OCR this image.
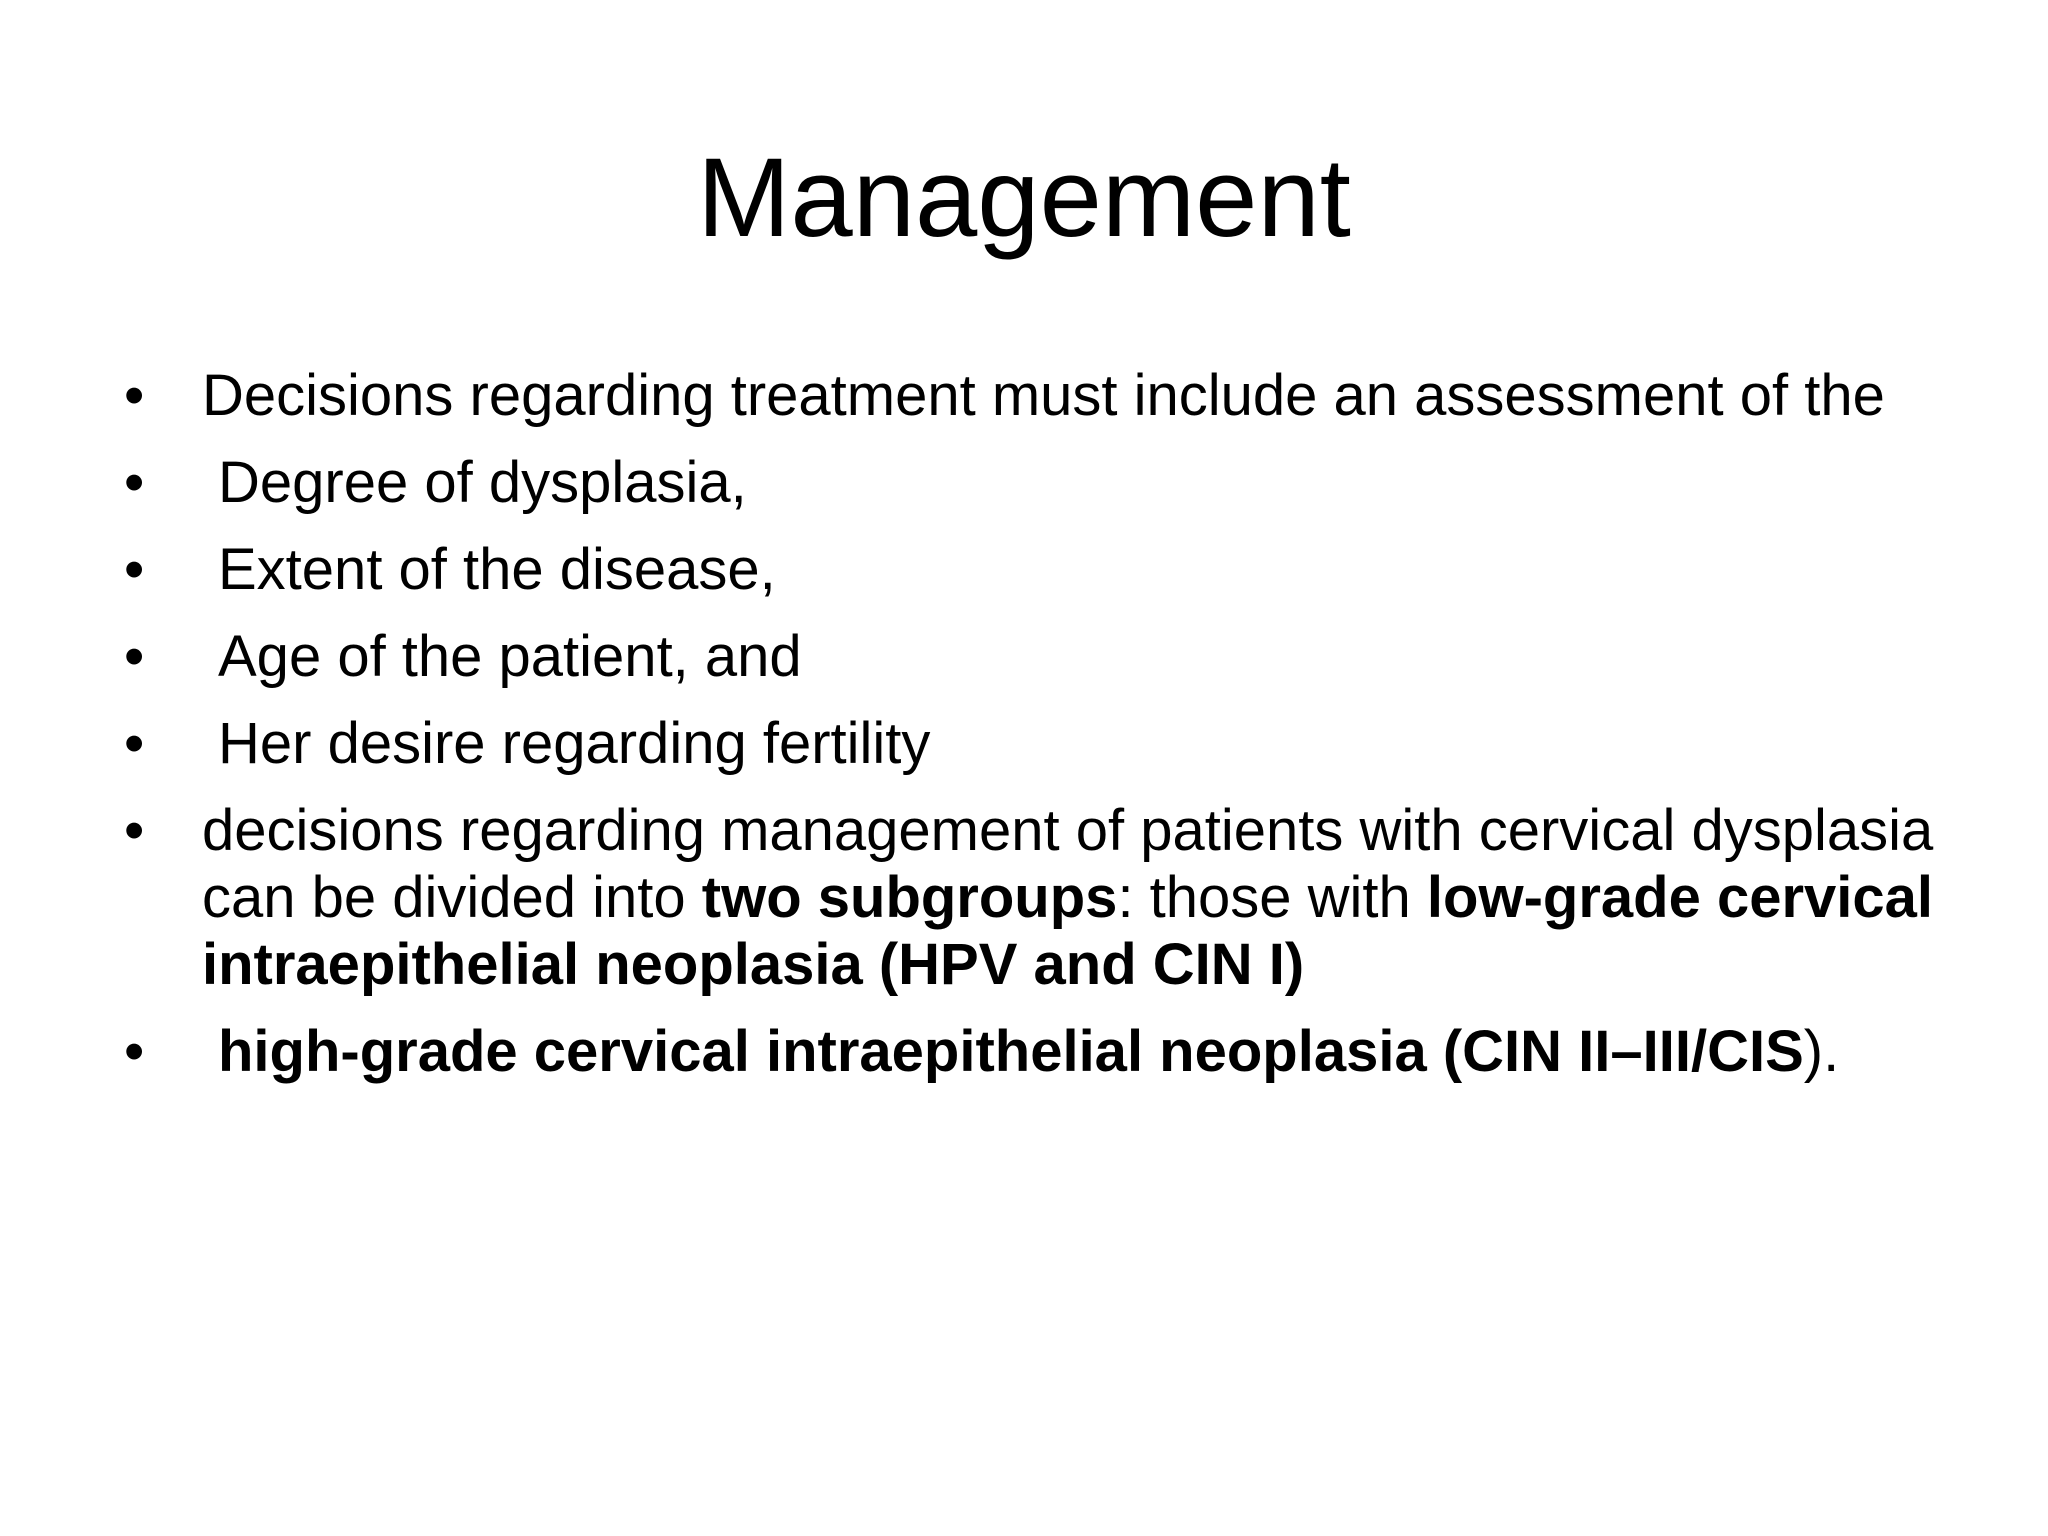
Management
• Decisions regarding treatment must include an assessment of the
•	Degree of dysplasia,
•	Extent of the disease,
•	Age of the patient, and
•	Her desire regarding fertility
• decisions regarding management of patients with cervical dysplasia can be divided into two subgroups: those with low-grade cervical intraepithelial neoplasia (HPV and CIN I)
•	high-grade cervical intraepithelial neoplasia (CIN II–III/CIS).
